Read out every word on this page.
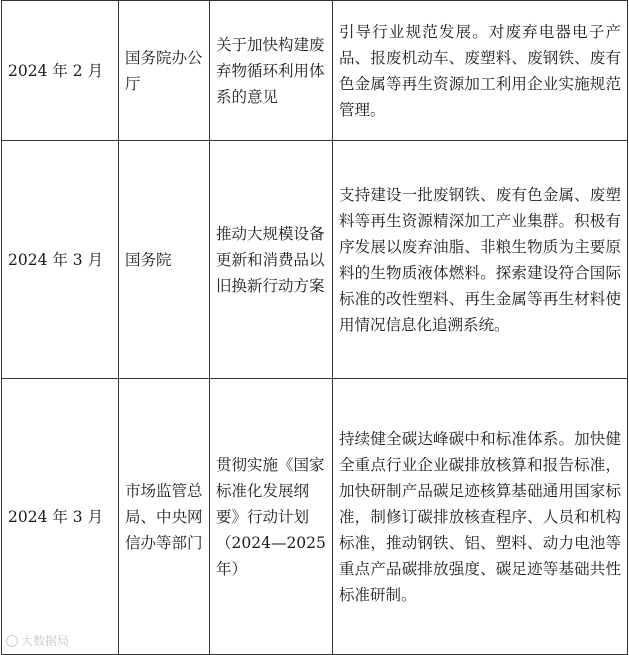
2024 年 2 月	国务院办公厅	关于加快构建废弃物循环利用体系的意见	引导行业规范发展。对废弃电器电子产品、报废机动车、废塑料、废钢铁、废有色金属等再生资源加工利用企业实施规范管理。

2024 年 3 月	国务院	推动大规模设备更新和消费品以旧换新行动方案	支持建设一批废钢铁、废有色金属、废塑料等再生资源精深加工产业集群。积极有序发展以废弃油脂、非粮生物质为主要原料的生物质液体燃料。探索建设符合国际标准的改性塑料、再生金属等再生材料使用情况信息化追溯系统。

2024 年 3 月	市场监管总局、中央网信办等部门	贯彻实施《国家标准化发展纲要》行动计划（2024—2025年）	持续健全碳达峰碳中和标准体系。加快健全重点行业企业碳排放核算和报告标准，加快研制产品碳足迹核算基础通用国家标准，制修订碳排放核查程序、人员和机构标准，推动钢铁、铝、塑料、动力电池等重点产品碳排放强度、碳足迹等基础共性标准研制。
大数据局
